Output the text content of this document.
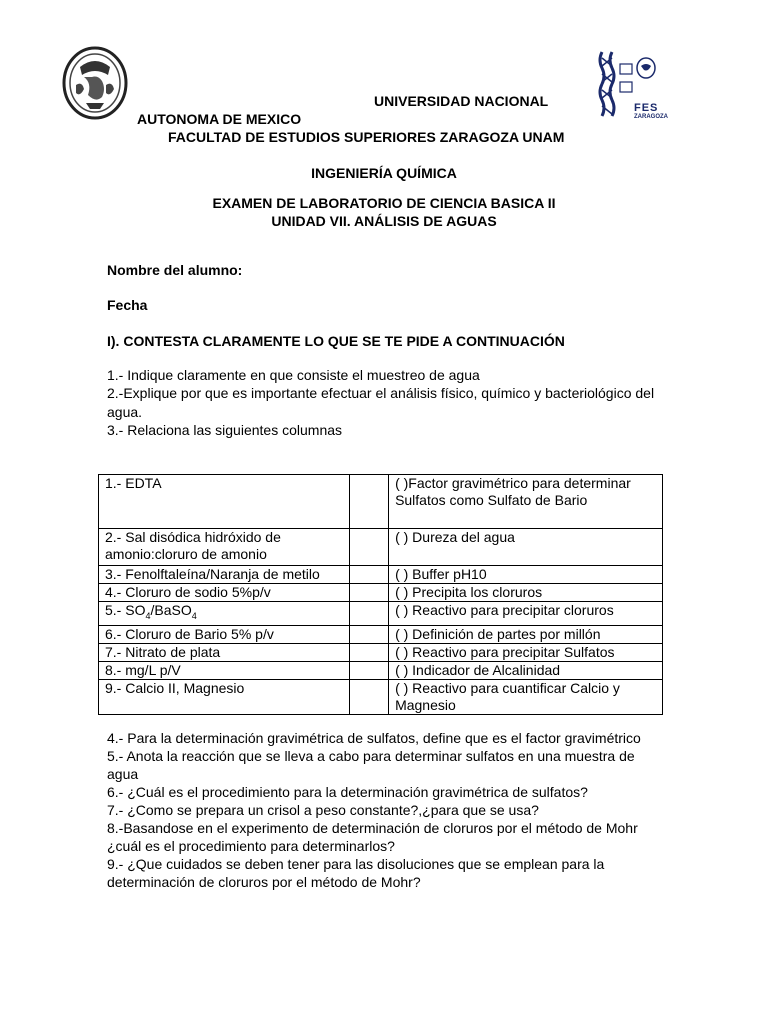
FES
ZARAGOZA
UNIVERSIDAD NACIONAL
AUTONOMA DE MEXICO
FACULTAD DE ESTUDIOS SUPERIORES ZARAGOZA UNAM
INGENIERÍA QUÍMICA
EXAMEN DE LABORATORIO DE CIENCIA BASICA II
UNIDAD VII. ANÁLISIS DE AGUAS
Nombre del alumno:
Fecha
I). CONTESTA CLARAMENTE LO QUE SE TE PIDE A CONTINUACIÓN
1.- Indique claramente en que consiste el muestreo de agua
2.-Explique por que es importante efectuar el análisis físico, químico y bacteriológico del agua.
3.- Relaciona las siguientes columnas
1.- EDTA		( )Factor gravimétrico para determinar Sulfatos como Sulfato de Bario
2.- Sal disódica hidróxido de amonio:cloruro de amonio		( ) Dureza del agua
3.- Fenolftaleína/Naranja de metilo		( ) Buffer pH10
4.- Cloruro de sodio 5%p/v		( ) Precipita los cloruros
5.- $SO_4/BaSO_4$		( ) Reactivo para precipitar cloruros
6.- Cloruro de Bario 5% p/v		( ) Definición de partes por millón
7.- Nitrato de plata		( ) Reactivo para precipitar Sulfatos
8.- mg/L p/V		( ) Indicador de Alcalinidad
9.- Calcio II, Magnesio		( ) Reactivo para cuantificar Calcio y Magnesio
4.- Para la determinación gravimétrica de sulfatos, define que es el factor gravimétrico
5.- Anota la reacción que se lleva a cabo para determinar sulfatos en una muestra de agua
6.- ¿Cuál es el procedimiento para la determinación gravimétrica de sulfatos?
7.- ¿Como se prepara un crisol a peso constante?,¿para que se usa?
8.-Basandose en el experimento de determinación de cloruros por el método de Mohr ¿cuál es el procedimiento para determinarlos?
9.- ¿Que cuidados se deben tener para las disoluciones que se emplean para la determinación de cloruros por el método de Mohr?
